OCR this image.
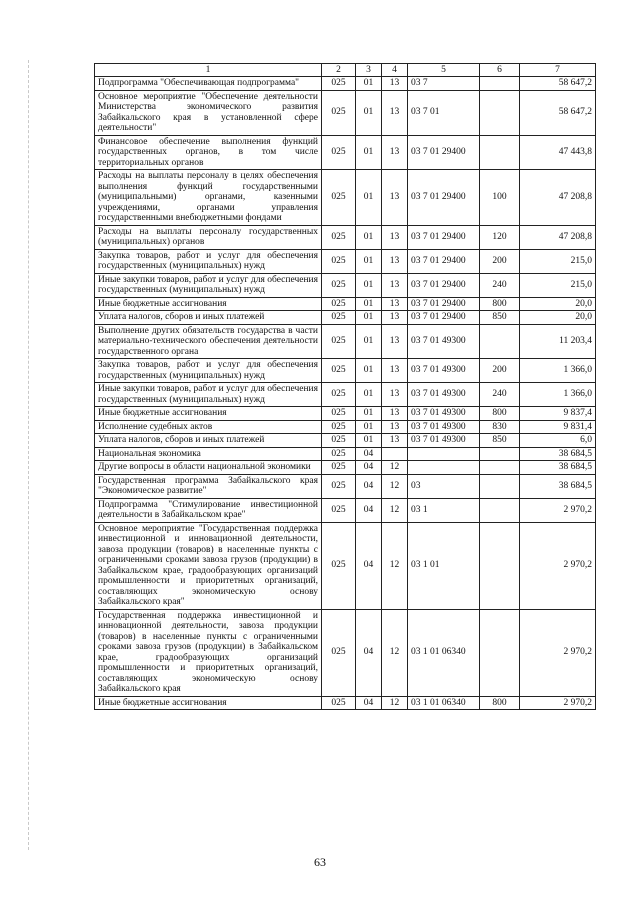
1	2	3	4	5	6	7
Подпрограмма "Обеспечивающая подпрограмма"	025	01	13	03 7		58 647,2
Основное мероприятие "Обеспечение деятельности Министерства экономического развития Забайкальского края в установленной сфере деятельности"	025	01	13	03 7 01		58 647,2
Финансовое обеспечение выполнения функций государственных органов, в том числе территориальных органов	025	01	13	03 7 01 29400		47 443,8
Расходы на выплаты персоналу в целях обеспечения выполнения функций государственными (муниципальными) органами, казенными учреждениями, органами управления государственными внебюджетными фондами	025	01	13	03 7 01 29400	100	47 208,8
Расходы на выплаты персоналу государственных (муниципальных) органов	025	01	13	03 7 01 29400	120	47 208,8
Закупка товаров, работ и услуг для обеспечения государственных (муниципальных) нужд	025	01	13	03 7 01 29400	200	215,0
Иные закупки товаров, работ и услуг для обеспечения государственных (муниципальных) нужд	025	01	13	03 7 01 29400	240	215,0
Иные бюджетные ассигнования	025	01	13	03 7 01 29400	800	20,0
Уплата налогов, сборов и иных платежей	025	01	13	03 7 01 29400	850	20,0
Выполнение других обязательств государства в части материально-технического обеспечения деятельности государственного органа	025	01	13	03 7 01 49300		11 203,4
Закупка товаров, работ и услуг для обеспечения государственных (муниципальных) нужд	025	01	13	03 7 01 49300	200	1 366,0
Иные закупки товаров, работ и услуг для обеспечения государственных (муниципальных) нужд	025	01	13	03 7 01 49300	240	1 366,0
Иные бюджетные ассигнования	025	01	13	03 7 01 49300	800	9 837,4
Исполнение судебных актов	025	01	13	03 7 01 49300	830	9 831,4
Уплата налогов, сборов и иных платежей	025	01	13	03 7 01 49300	850	6,0
Национальная экономика	025	04				38 684,5
Другие вопросы в области национальной экономики	025	04	12			38 684,5
Государственная программа Забайкальского края "Экономическое развитие"	025	04	12	03		38 684,5
Подпрограмма "Стимулирование инвестиционной деятельности в Забайкальском крае"	025	04	12	03 1		2 970,2
Основное мероприятие "Государственная поддержка инвестиционной и инновационной деятельности, завоза продукции (товаров) в населенные пункты с ограниченными сроками завоза грузов (продукции) в Забайкальском крае, градообразующих организаций промышленности и приоритетных организаций, составляющих экономическую основу Забайкальского края"	025	04	12	03 1 01		2 970,2
Государственная поддержка инвестиционной и инновационной деятельности, завоза продукции (товаров) в населенные пункты с ограниченными сроками завоза грузов (продукции) в Забайкальском крае, градообразующих организаций промышленности и приоритетных организаций, составляющих экономическую основу Забайкальского края	025	04	12	03 1 01 06340		2 970,2
Иные бюджетные ассигнования	025	04	12	03 1 01 06340	800	2 970,2
63
